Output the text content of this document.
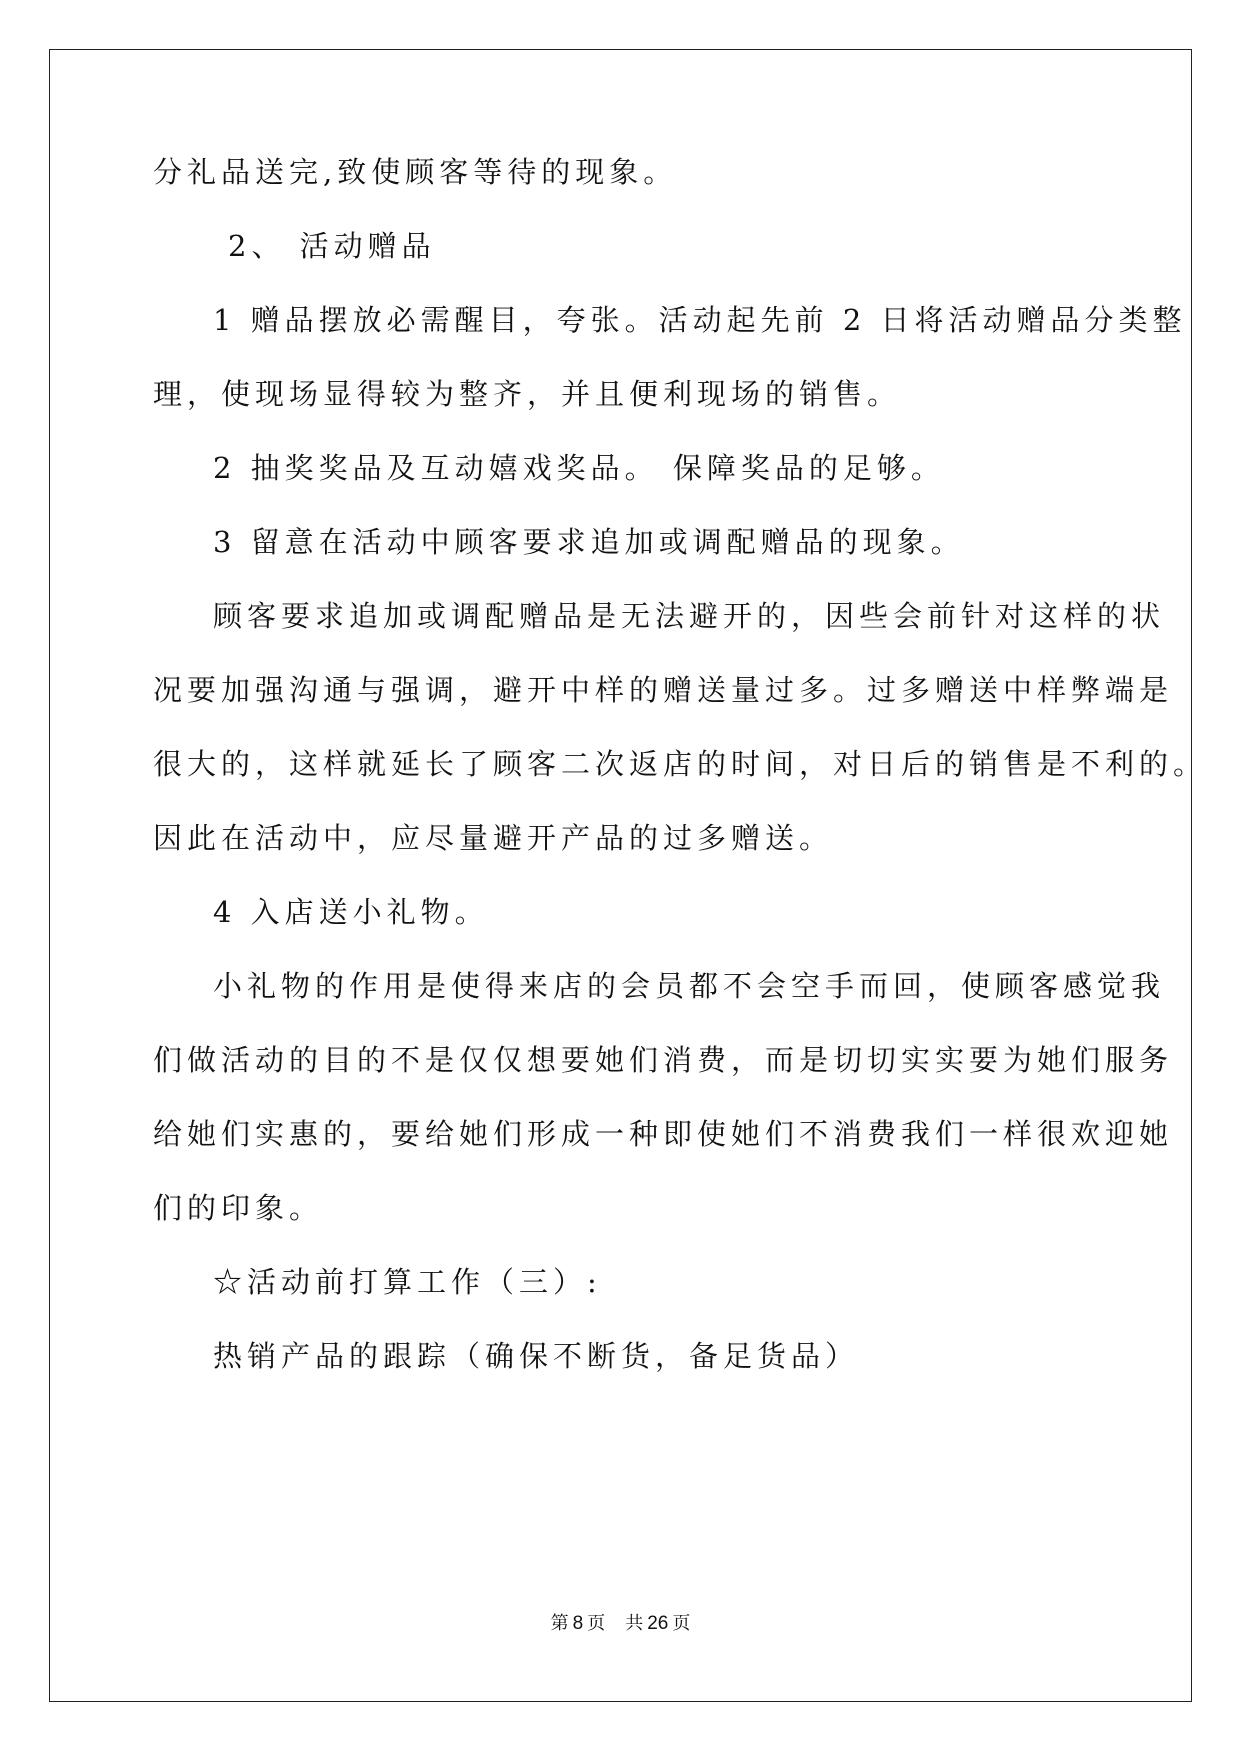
分礼品送完,致使顾客等待的现象。
2、 活动赠品
1 赠品摆放必需醒目，夸张。活动起先前 2 日将活动赠品分类整
理，使现场显得较为整齐，并且便利现场的销售。
2 抽奖奖品及互动嬉戏奖品。 保障奖品的足够。
3 留意在活动中顾客要求追加或调配赠品的现象。
顾客要求追加或调配赠品是无法避开的，因些会前针对这样的状
况要加强沟通与强调，避开中样的赠送量过多。过多赠送中样弊端是
很大的，这样就延长了顾客二次返店的时间，对日后的销售是不利的。
因此在活动中，应尽量避开产品的过多赠送。
4 入店送小礼物。
小礼物的作用是使得来店的会员都不会空手而回，使顾客感觉我
们做活动的目的不是仅仅想要她们消费，而是切切实实要为她们服务
给她们实惠的，要给她们形成一种即使她们不消费我们一样很欢迎她
们的印象。
☆活动前打算工作（三）:
热销产品的跟踪（确保不断货，备足货品）
第 8 页 共 26 页
